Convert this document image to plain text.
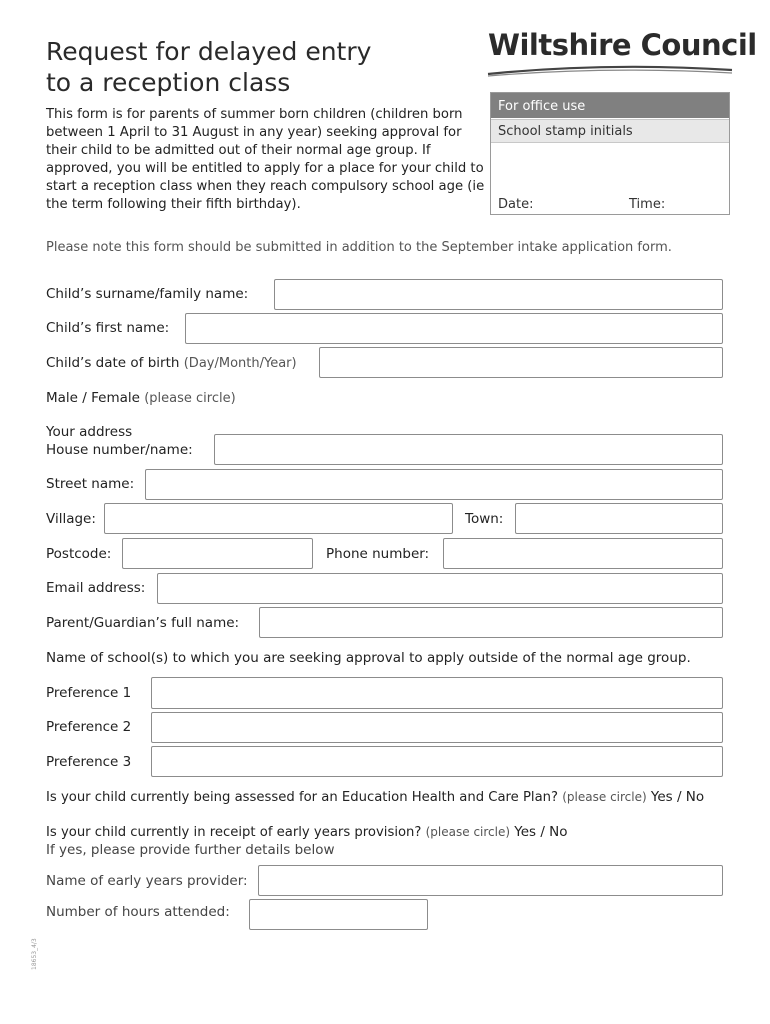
Request for delayed entry
to a reception class
Wiltshire Council

This form is for parents of summer born children (children born between 1 April to 31 August in any year) seeking approval for their child to be admitted out of their normal age group. If approved, you will be entitled to apply for a place for your child to start a reception class when they reach compulsory school age (ie the term following their fifth birthday).

For office use
School stamp initials
Date:	Time:
Please note this form should be submitted in addition to the September intake application form.
Child’s surname/family name:
Child’s first name:
Child’s date of birth (Day/Month/Year)
Male / Female (please circle)
Your address
House number/name:
Street name:
Village:	Town:
Postcode:	Phone number:
Email address:
Parent/Guardian’s full name:
Name of school(s) to which you are seeking approval to apply outside of the normal age group.
Preference 1
Preference 2
Preference 3
Is your child currently being assessed for an Education Health and Care Plan? (please circle) Yes / No
Is your child currently in receipt of early years provision? (please circle) Yes / No
If yes, please provide further details below
Name of early years provider:
Number of hours attended:
18653_4/3
